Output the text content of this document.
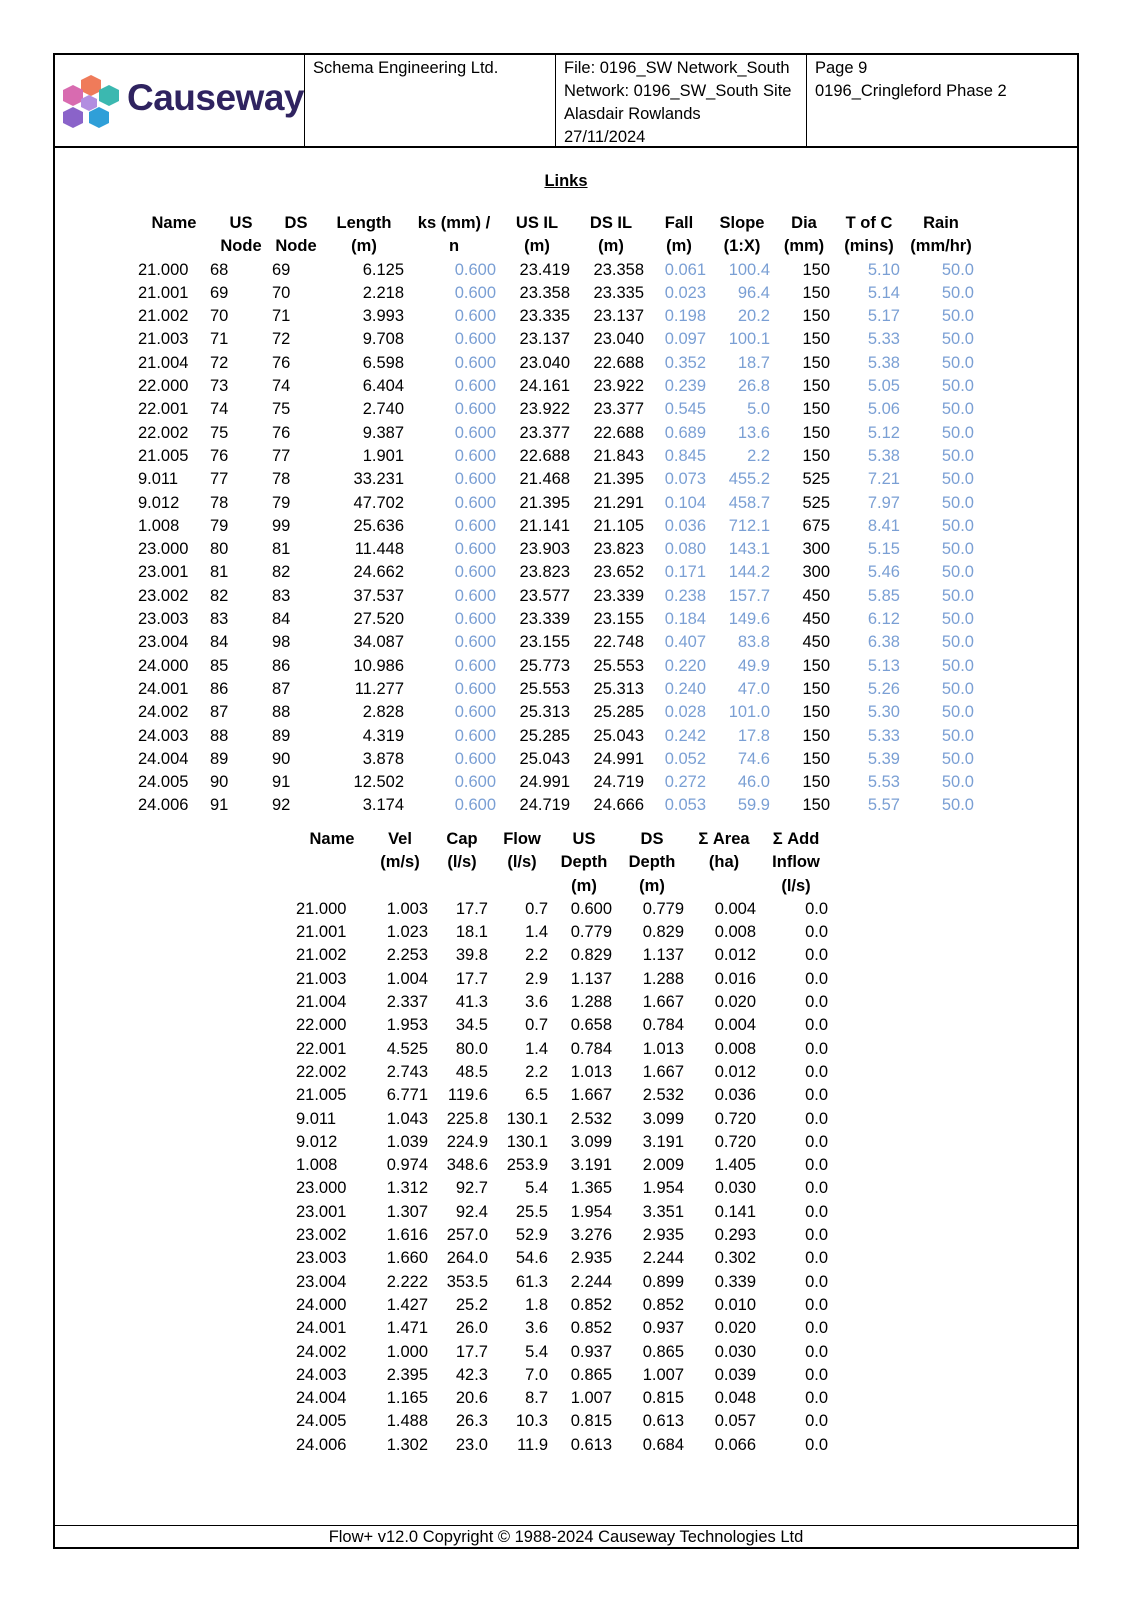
Causeway
Schema Engineering Ltd.	File: 0196_SW Network_South
Network: 0196_SW_South Site
Alasdair Rowlands
27/11/2024
Page 9
0196_Cringleford Phase 2
Links
Name	US	DS	Length	ks (mm) /	US IL	DS IL	Fall	Slope	Dia	T of C	Rain
	Node	Node	(m)	n	(m)	(m)	(m)	(1:X)	(mm)	(mins)	(mm/hr)
21.000	68	69	6.125	0.600	23.419	23.358	0.061	100.4	150	5.10	50.0
21.001	69	70	2.218	0.600	23.358	23.335	0.023	96.4	150	5.14	50.0
21.002	70	71	3.993	0.600	23.335	23.137	0.198	20.2	150	5.17	50.0
21.003	71	72	9.708	0.600	23.137	23.040	0.097	100.1	150	5.33	50.0
21.004	72	76	6.598	0.600	23.040	22.688	0.352	18.7	150	5.38	50.0
22.000	73	74	6.404	0.600	24.161	23.922	0.239	26.8	150	5.05	50.0
22.001	74	75	2.740	0.600	23.922	23.377	0.545	5.0	150	5.06	50.0
22.002	75	76	9.387	0.600	23.377	22.688	0.689	13.6	150	5.12	50.0
21.005	76	77	1.901	0.600	22.688	21.843	0.845	2.2	150	5.38	50.0
9.011	77	78	33.231	0.600	21.468	21.395	0.073	455.2	525	7.21	50.0
9.012	78	79	47.702	0.600	21.395	21.291	0.104	458.7	525	7.97	50.0
1.008	79	99	25.636	0.600	21.141	21.105	0.036	712.1	675	8.41	50.0
23.000	80	81	11.448	0.600	23.903	23.823	0.080	143.1	300	5.15	50.0
23.001	81	82	24.662	0.600	23.823	23.652	0.171	144.2	300	5.46	50.0
23.002	82	83	37.537	0.600	23.577	23.339	0.238	157.7	450	5.85	50.0
23.003	83	84	27.520	0.600	23.339	23.155	0.184	149.6	450	6.12	50.0
23.004	84	98	34.087	0.600	23.155	22.748	0.407	83.8	450	6.38	50.0
24.000	85	86	10.986	0.600	25.773	25.553	0.220	49.9	150	5.13	50.0
24.001	86	87	11.277	0.600	25.553	25.313	0.240	47.0	150	5.26	50.0
24.002	87	88	2.828	0.600	25.313	25.285	0.028	101.0	150	5.30	50.0
24.003	88	89	4.319	0.600	25.285	25.043	0.242	17.8	150	5.33	50.0
24.004	89	90	3.878	0.600	25.043	24.991	0.052	74.6	150	5.39	50.0
24.005	90	91	12.502	0.600	24.991	24.719	0.272	46.0	150	5.53	50.0
24.006	91	92	3.174	0.600	24.719	24.666	0.053	59.9	150	5.57	50.0
Name	Vel	Cap	Flow	US	DS	Σ Area	Σ Add
	(m/s)	(l/s)	(l/s)	Depth	Depth	(ha)	Inflow
				(m)	(m)		(l/s)
21.000	1.003	17.7	0.7	0.600	0.779	0.004	0.0
21.001	1.023	18.1	1.4	0.779	0.829	0.008	0.0
21.002	2.253	39.8	2.2	0.829	1.137	0.012	0.0
21.003	1.004	17.7	2.9	1.137	1.288	0.016	0.0
21.004	2.337	41.3	3.6	1.288	1.667	0.020	0.0
22.000	1.953	34.5	0.7	0.658	0.784	0.004	0.0
22.001	4.525	80.0	1.4	0.784	1.013	0.008	0.0
22.002	2.743	48.5	2.2	1.013	1.667	0.012	0.0
21.005	6.771	119.6	6.5	1.667	2.532	0.036	0.0
9.011	1.043	225.8	130.1	2.532	3.099	0.720	0.0
9.012	1.039	224.9	130.1	3.099	3.191	0.720	0.0
1.008	0.974	348.6	253.9	3.191	2.009	1.405	0.0
23.000	1.312	92.7	5.4	1.365	1.954	0.030	0.0
23.001	1.307	92.4	25.5	1.954	3.351	0.141	0.0
23.002	1.616	257.0	52.9	3.276	2.935	0.293	0.0
23.003	1.660	264.0	54.6	2.935	2.244	0.302	0.0
23.004	2.222	353.5	61.3	2.244	0.899	0.339	0.0
24.000	1.427	25.2	1.8	0.852	0.852	0.010	0.0
24.001	1.471	26.0	3.6	0.852	0.937	0.020	0.0
24.002	1.000	17.7	5.4	0.937	0.865	0.030	0.0
24.003	2.395	42.3	7.0	0.865	1.007	0.039	0.0
24.004	1.165	20.6	8.7	1.007	0.815	0.048	0.0
24.005	1.488	26.3	10.3	0.815	0.613	0.057	0.0
24.006	1.302	23.0	11.9	0.613	0.684	0.066	0.0
Flow+ v12.0 Copyright © 1988-2024 Causeway Technologies Ltd
